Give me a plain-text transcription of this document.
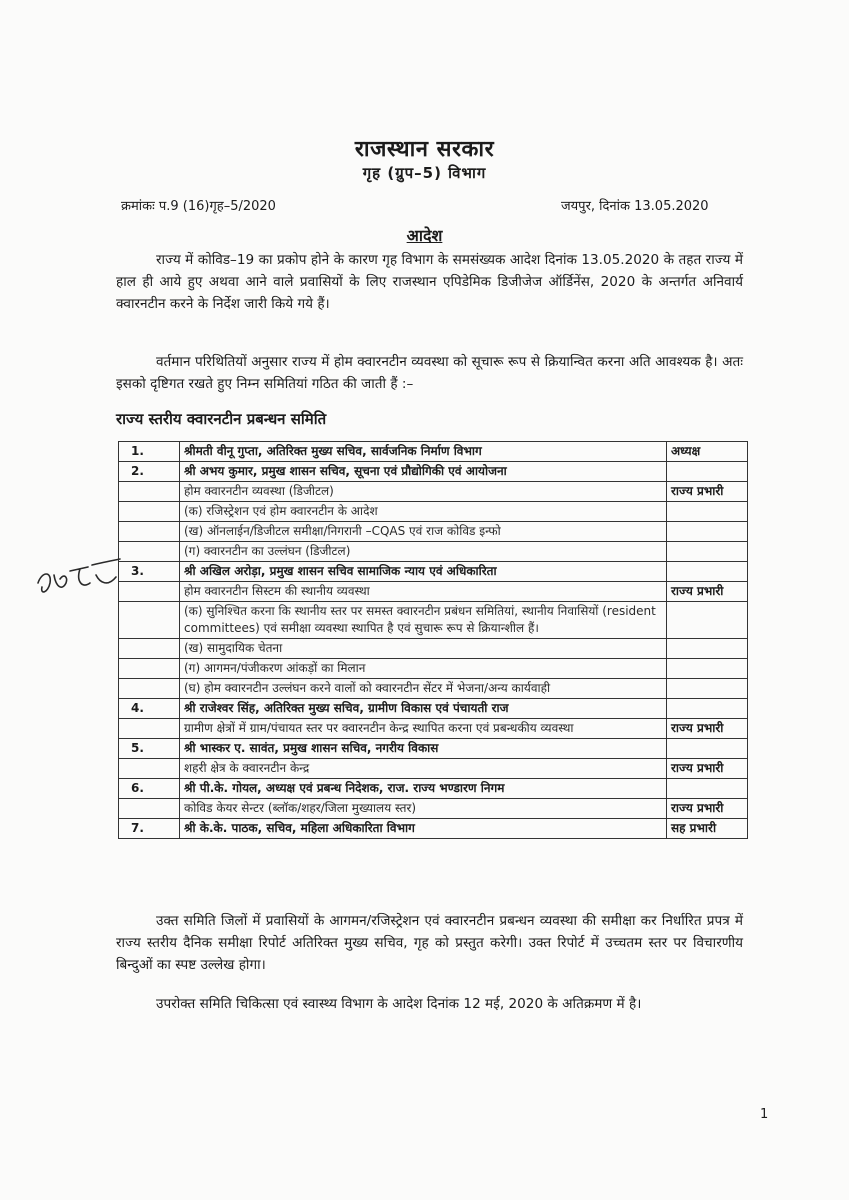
राजस्थान सरकार
गृह (ग्रुप–5) विभाग
क्रमांकः प.9 (16)गृह–5/2020	जयपुर, दिनांक 13.05.2020
आदेश
राज्य में कोविड–19 का प्रकोप होने के कारण गृह विभाग के समसंख्यक आदेश दिनांक 13.05.2020 के तहत राज्य में हाल ही आये हुए अथवा आने वाले प्रवासियों के लिए राजस्थान एपिडेमिक डिजीजेज ऑर्डिनेंस, 2020 के अन्तर्गत अनिवार्य क्वारनटीन करने के निर्देश जारी किये गये हैं।
वर्तमान परिथितियों अनुसार राज्य में होम क्वारनटीन व्यवस्था को सूचारू रूप से क्रियान्वित करना अति आवश्यक है। अतः इसको दृष्टिगत रखते हुए निम्न समितियां गठित की जाती हैं :–
राज्य स्तरीय क्वारनटीन प्रबन्धन समिति
1.	श्रीमती वीनू गुप्ता, अतिरिक्त मुख्य सचिव, सार्वजनिक निर्माण विभाग	अध्यक्ष
2.	श्री अभय कुमार, प्रमुख शासन सचिव, सूचना एवं प्रौद्योगिकी एवं आयोजना	
	होम क्वारनटीन व्यवस्था (डिजीटल)	राज्य प्रभारी
	(क) रजिस्ट्रेशन एवं होम क्वारनटीन के आदेश	
	(ख) ऑनलाईन/डिजीटल समीक्षा/निगरानी –CQAS एवं राज कोविड इन्फो	
	(ग) क्वारनटीन का उल्लंघन (डिजीटल)	
3.	श्री अखिल अरोड़ा, प्रमुख शासन सचिव सामाजिक न्याय एवं अधिकारिता	
	होम क्वारनटीन सिस्टम की स्थानीय व्यवस्था	राज्य प्रभारी
	(क) सुनिश्चित करना कि स्थानीय स्तर पर समस्त क्वारनटीन प्रबंधन समितियां, स्थानीय निवासियों (resident committees) एवं समीक्षा व्यवस्था स्थापित है एवं सुचारू रूप से क्रियान्शील हैं।	
	(ख) सामुदायिक चेतना	
	(ग) आगमन/पंजीकरण आंकड़ों का मिलान	
	(घ) होम क्वारनटीन उल्लंघन करने वालों को क्वारनटीन सेंटर में भेजना/अन्य कार्यवाही	
4.	श्री राजेश्वर सिंह, अतिरिक्त मुख्य सचिव, ग्रामीण विकास एवं पंचायती राज	
	ग्रामीण क्षेत्रों में ग्राम/पंचायत स्तर पर क्वारनटीन केन्द्र स्थापित करना एवं प्रबन्धकीय व्यवस्था	राज्य प्रभारी
5.	श्री भास्कर ए. सावंत, प्रमुख शासन सचिव, नगरीय विकास	
	शहरी क्षेत्र के क्वारनटीन केन्द्र	राज्य प्रभारी
6.	श्री पी.के. गोयल, अध्यक्ष एवं प्रबन्ध निदेशक, राज. राज्य भण्डारण निगम	
	कोविड केयर सेन्टर (ब्लॉक/शहर/जिला मुख्यालय स्तर)	राज्य प्रभारी
7.	श्री के.के. पाठक, सचिव, महिला अधिकारिता विभाग	सह प्रभारी
उक्त समिति जिलों में प्रवासियों के आगमन/रजिस्ट्रेशन एवं क्वारनटीन प्रबन्धन व्यवस्था की समीक्षा कर निर्धारित प्रपत्र में राज्य स्तरीय दैनिक समीक्षा रिपोर्ट अतिरिक्त मुख्य सचिव, गृह को प्रस्तुत करेगी। उक्त रिपोर्ट में उच्चतम स्तर पर विचारणीय बिन्दुओं का स्पष्ट उल्लेख होगा।
उपरोक्त समिति चिकित्सा एवं स्वास्थ्य विभाग के आदेश दिनांक 12 मई, 2020 के अतिक्रमण में है।
1
